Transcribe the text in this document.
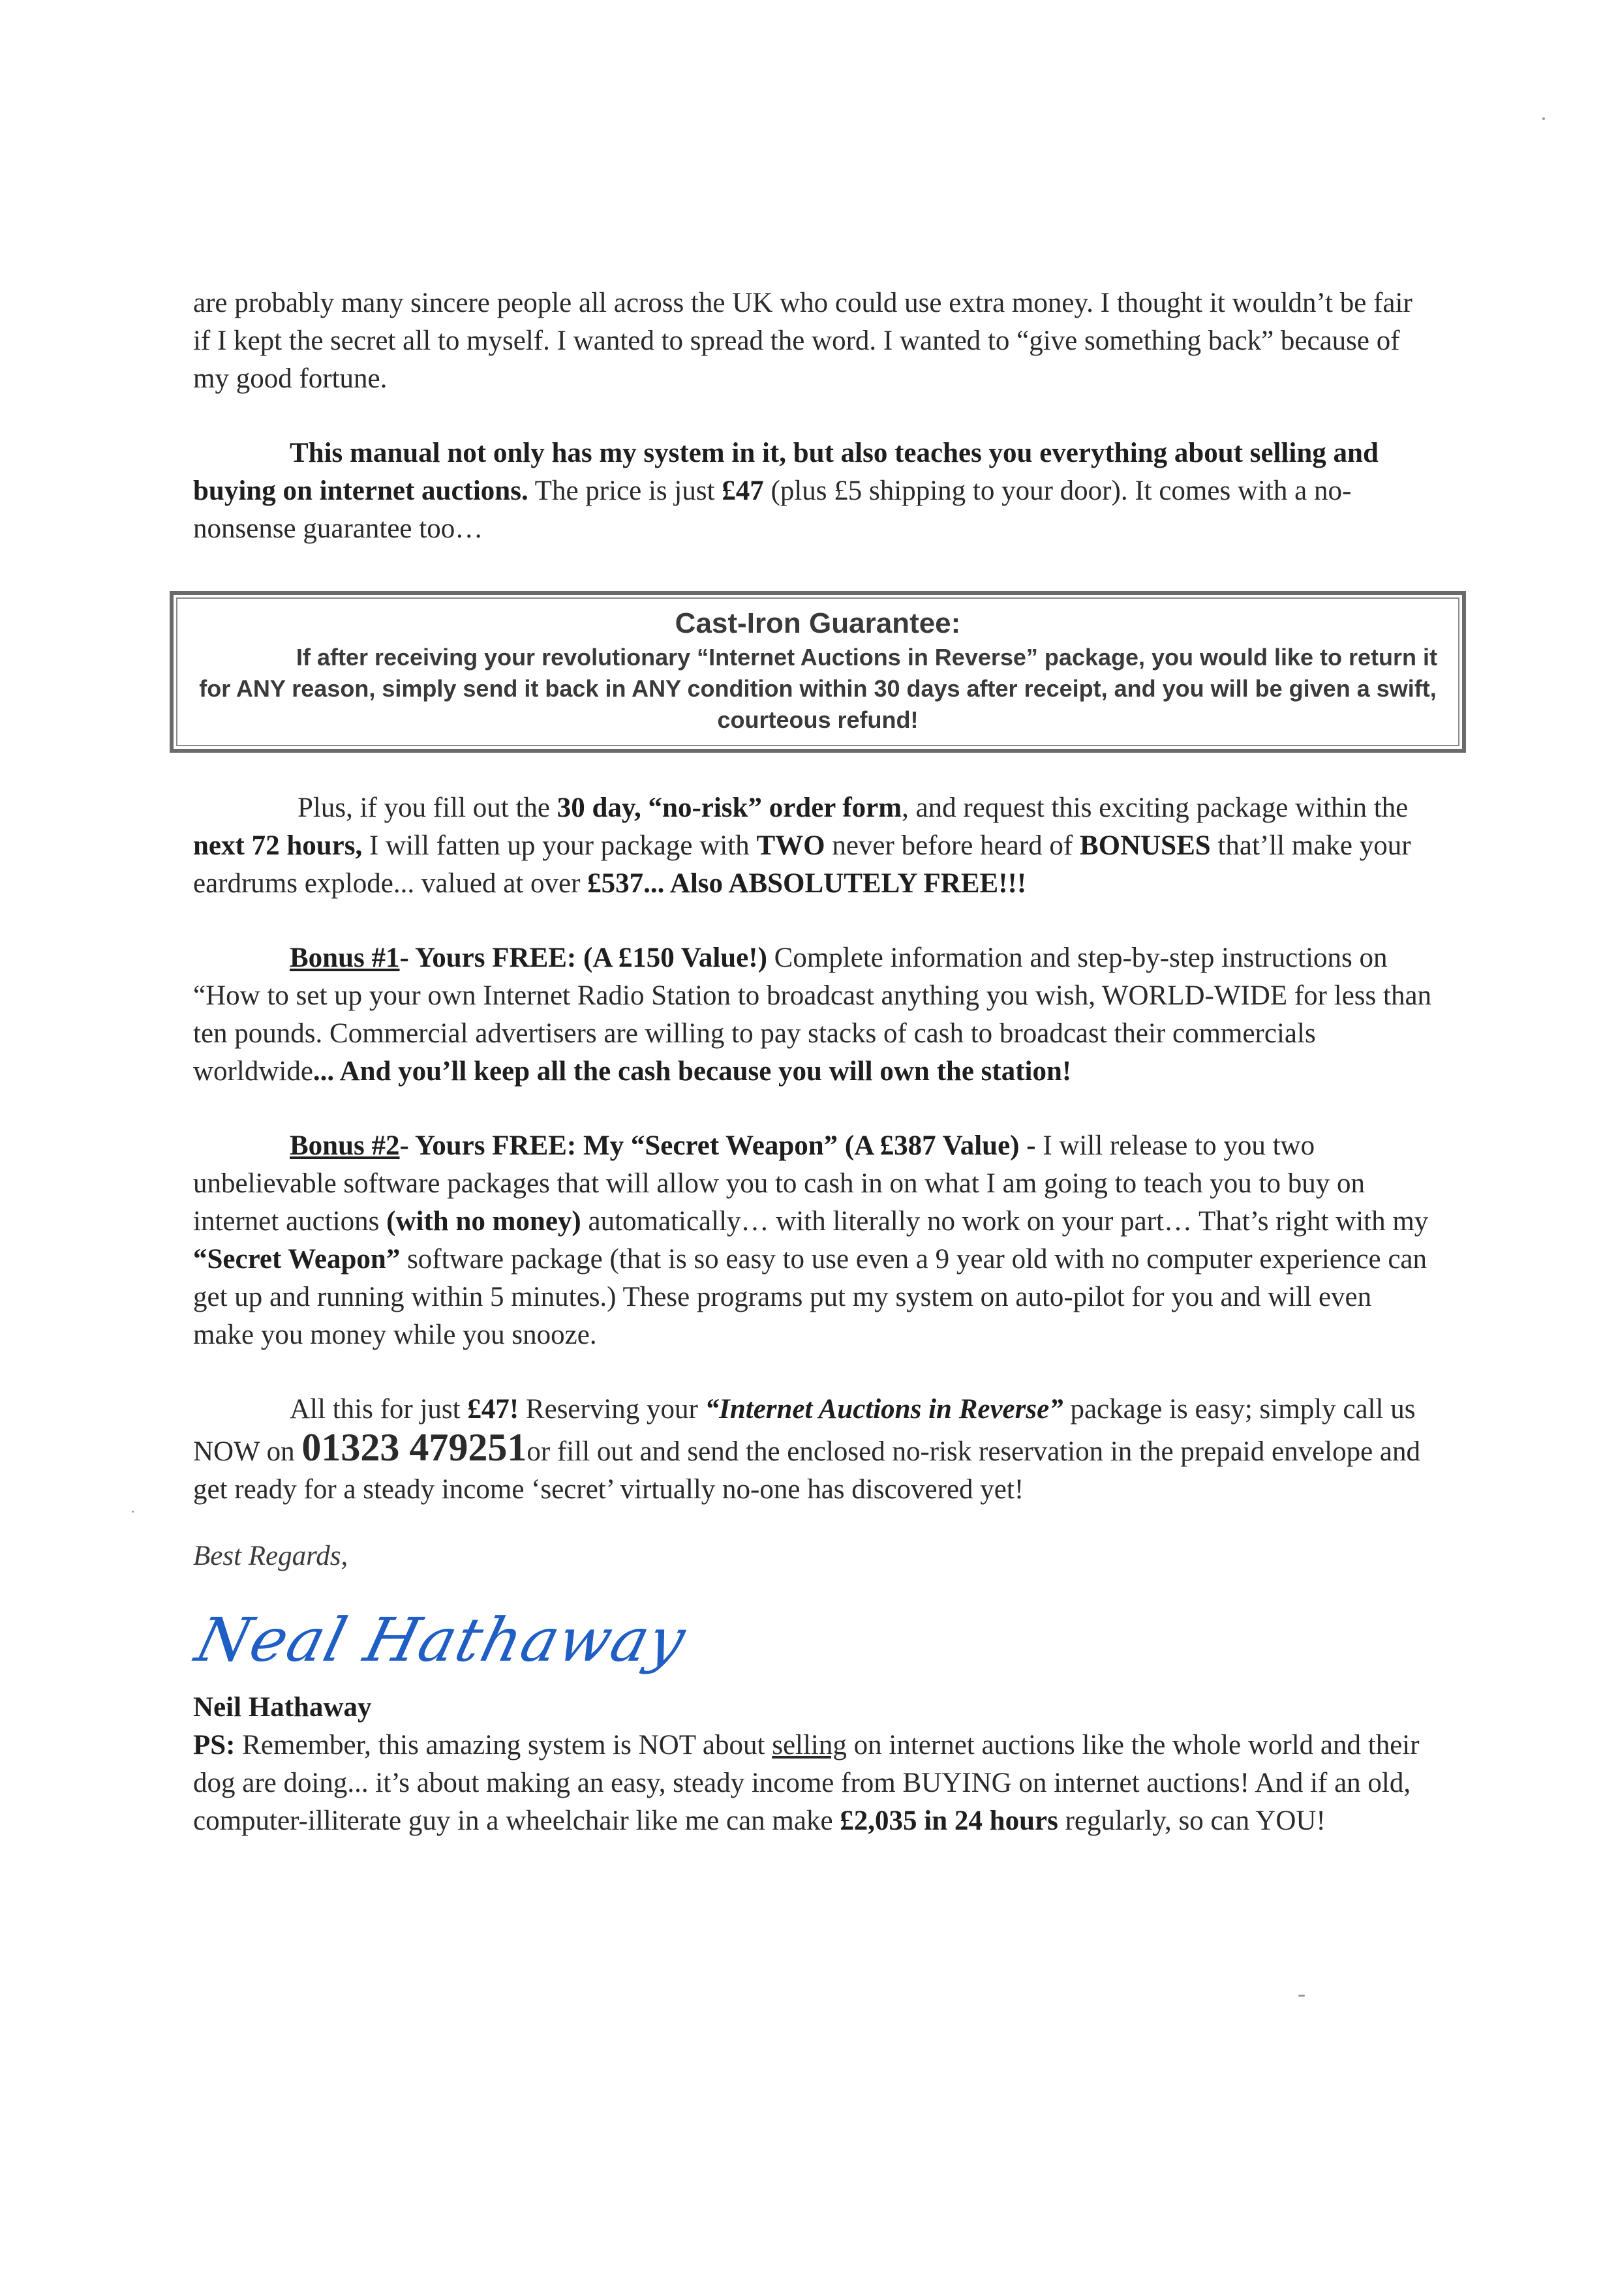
are probably many sincere people all across the UK who could use extra money. I thought it wouldn’t be fair if I kept the secret all to myself. I wanted to spread the word. I wanted to “give something back” because of my good fortune.

This manual not only has my system in it, but also teaches you everything about selling and buying on internet auctions. The price is just £47 (plus £5 shipping to your door). It comes with a no-nonsense guarantee too…

Cast-Iron Guarantee:
If after receiving your revolutionary “Internet Auctions in Reverse” package, you would like to return it for ANY reason, simply send it back in ANY condition within 30 days after receipt, and you will be given a swift, courteous refund!

Plus, if you fill out the 30 day, “no-risk” order form, and request this exciting package within the next 72 hours, I will fatten up your package with TWO never before heard of BONUSES that’ll make your eardrums explode... valued at over £537... Also ABSOLUTELY FREE!!!

Bonus #1- Yours FREE: (A £150 Value!) Complete information and step-by-step instructions on “How to set up your own Internet Radio Station to broadcast anything you wish, WORLD-WIDE for less than ten pounds. Commercial advertisers are willing to pay stacks of cash to broadcast their commercials worldwide... And you’ll keep all the cash because you will own the station!

Bonus #2- Yours FREE: My “Secret Weapon” (A £387 Value) - I will release to you two unbelievable software packages that will allow you to cash in on what I am going to teach you to buy on internet auctions (with no money) automatically… with literally no work on your part… That’s right with my “Secret Weapon” software package (that is so easy to use even a 9 year old with no computer experience can get up and running within 5 minutes.) These programs put my system on auto-pilot for you and will even make you money while you snooze.

All this for just £47! Reserving your “Internet Auctions in Reverse” package is easy; simply call us NOW on 01323 479251or fill out and send the enclosed no-risk reservation in the prepaid envelope and get ready for a steady income ‘secret’ virtually no-one has discovered yet!

Best Regards,

Neal Hathaway

Neil Hathaway
PS: Remember, this amazing system is NOT about selling on internet auctions like the whole world and their dog are doing... it’s about making an easy, steady income from BUYING on internet auctions! And if an old, computer-illiterate guy in a wheelchair like me can make £2,035 in 24 hours regularly, so can YOU!
